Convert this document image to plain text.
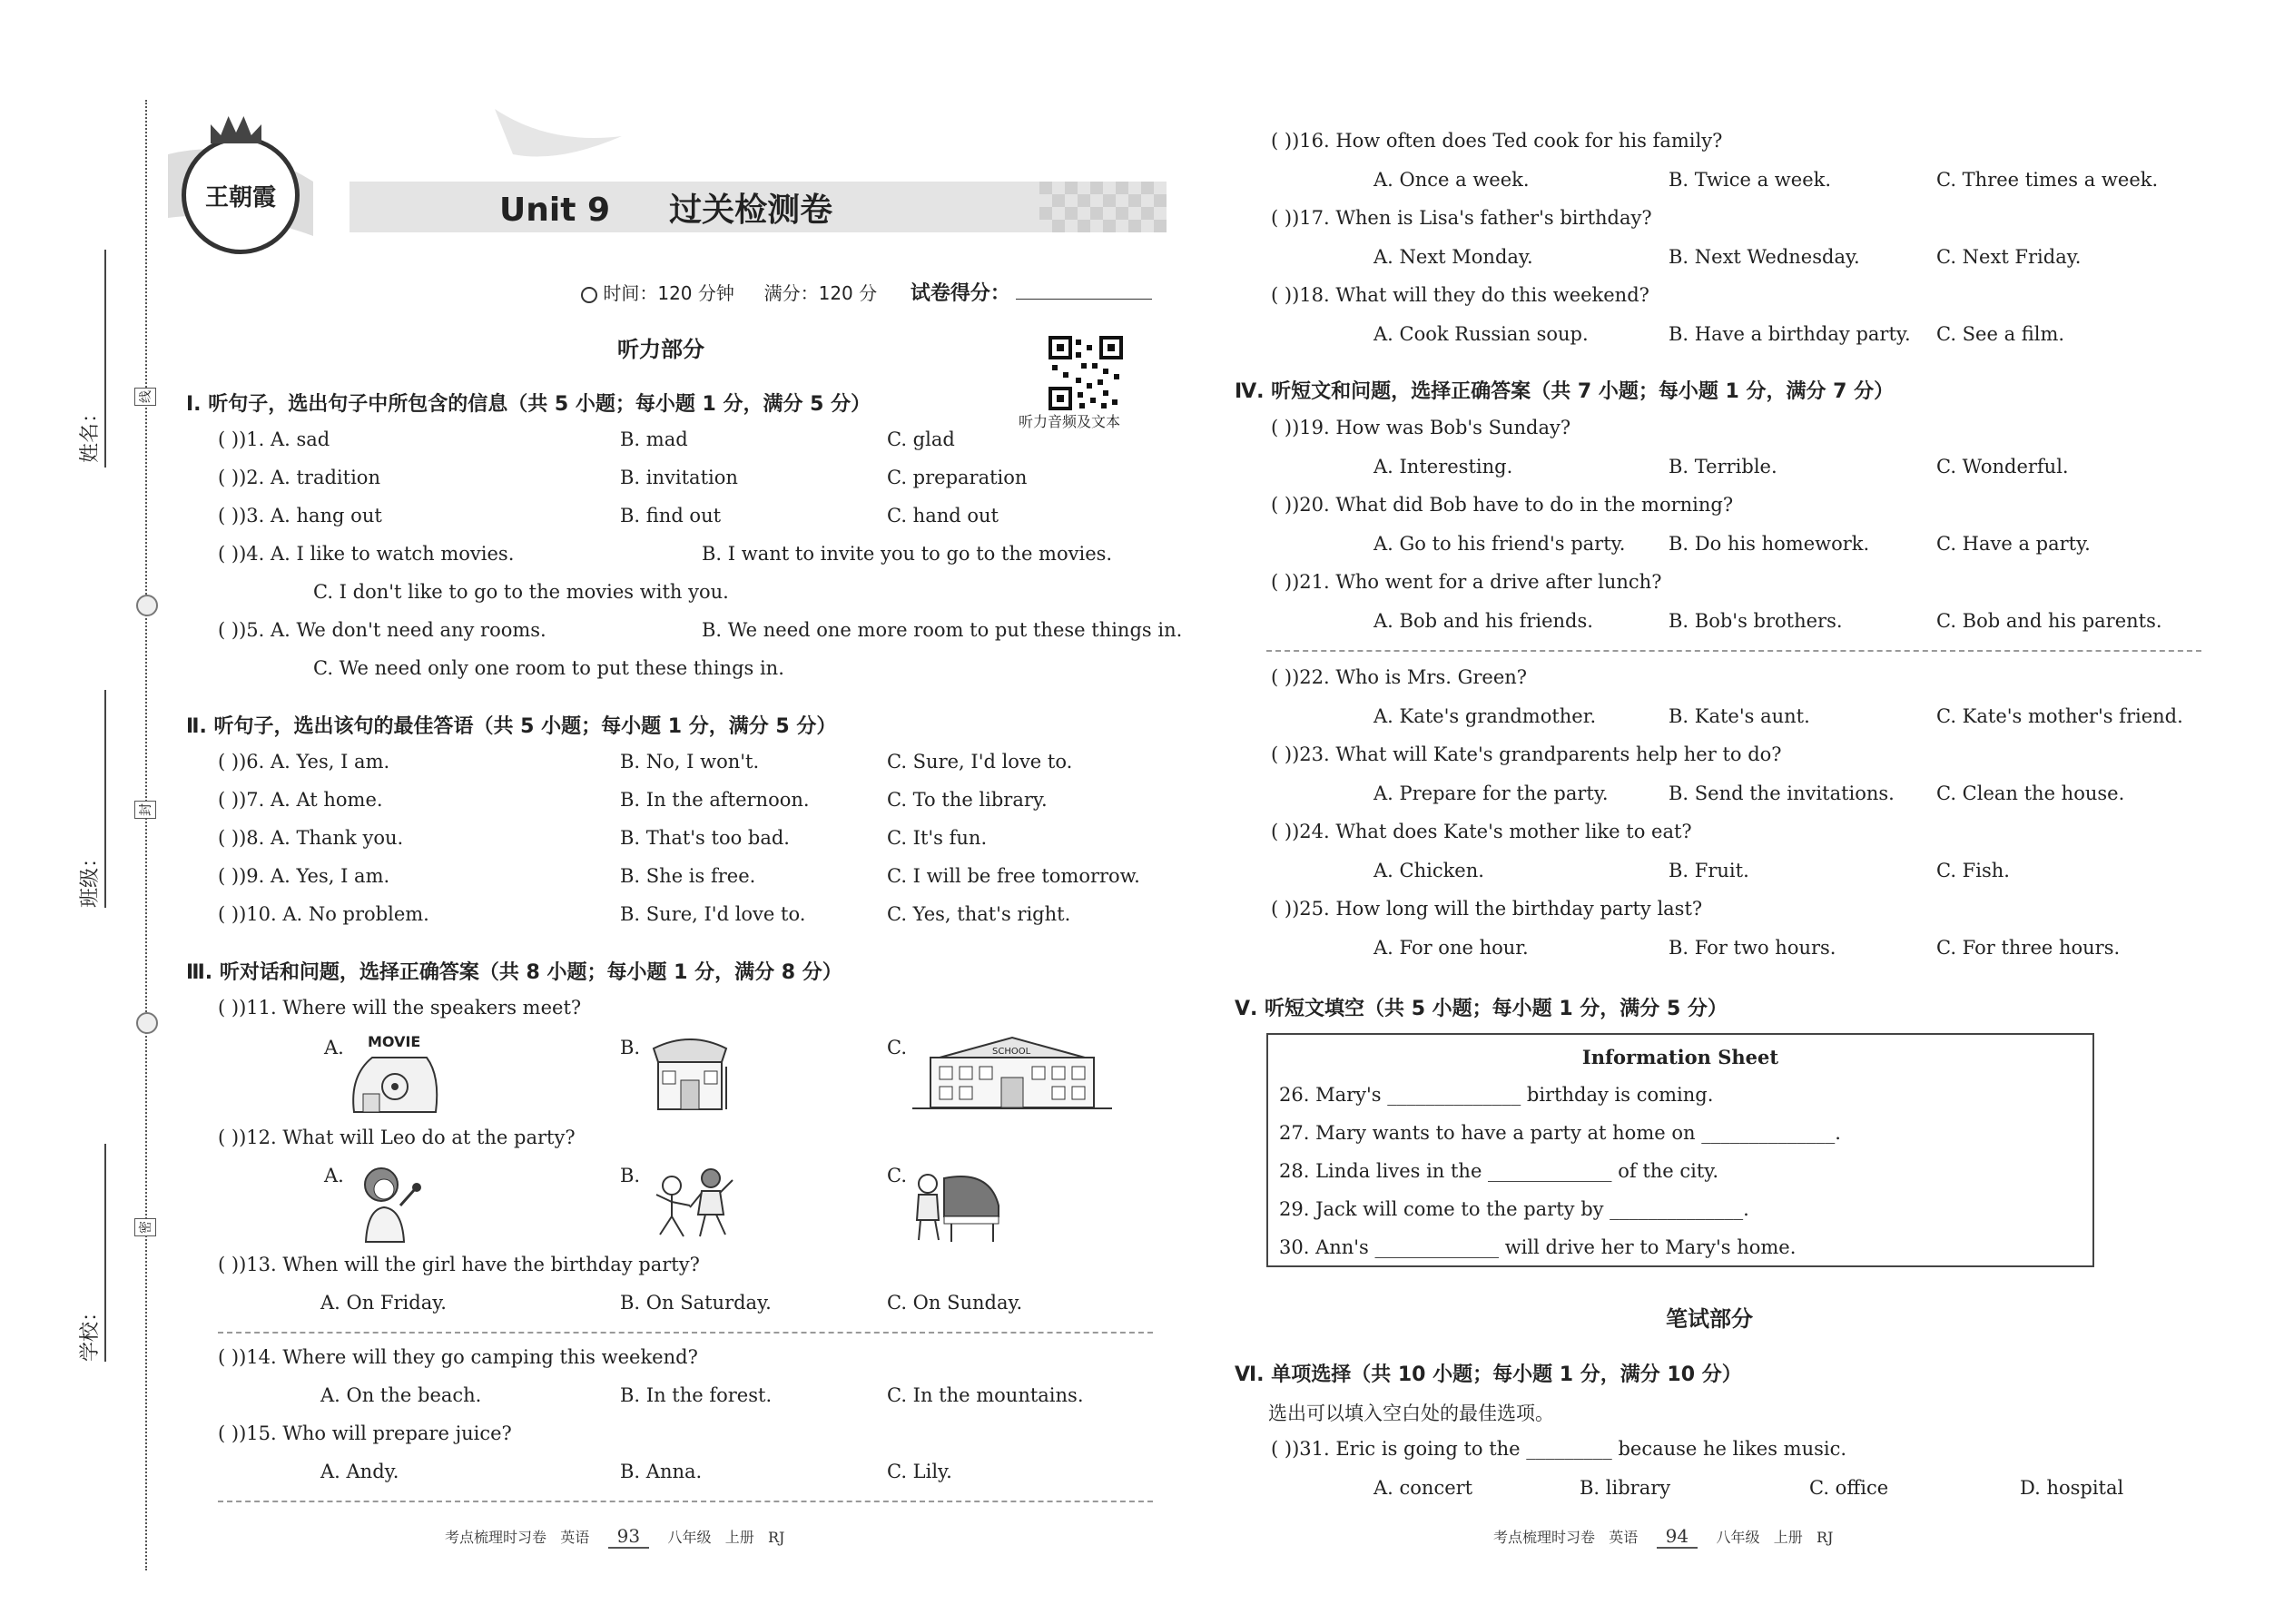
姓名：
班级：
学校：
线
封
密
王朝霞	Unit 9 过关检测卷
时间：120 分钟 满分：120 分 试卷得分：
听力部分
听力音频及文本
Ⅰ. 听句子，选出句子中所包含的信息（共 5 小题；每小题 1 分，满分 5 分）
( ))1. A. sad	B. mad	C. glad
( ))2. A. tradition	B. invitation	C. preparation
( ))3. A. hang out	B. find out	C. hand out
( ))4. A. I like to watch movies.	B. I want to invite you to go to the movies.
C. I don't like to go to the movies with you.
( ))5. A. We don't need any rooms.	B. We need one more room to put these things in.
C. We need only one room to put these things in.
Ⅱ. 听句子，选出该句的最佳答语（共 5 小题；每小题 1 分，满分 5 分）
( ))6. A. Yes, I am.	B. No, I won't.	C. Sure, I'd love to.
( ))7. A. At home.	B. In the afternoon.	C. To the library.
( ))8. A. Thank you.	B. That's too bad.	C. It's fun.
( ))9. A. Yes, I am.	B. She is free.	C. I will be free tomorrow.
( ))10. A. No problem.	B. Sure, I'd love to.	C. Yes, that's right.
Ⅲ. 听对话和问题，选择正确答案（共 8 小题；每小题 1 分，满分 8 分）
( ))11. Where will the speakers meet?
A.	B.	C.
MOVIE
SCHOOL
( ))12. What will Leo do at the party?
A.	B.	C.
( ))13. When will the girl have the birthday party?
A. On Friday.	B. On Saturday.	C. On Sunday.
( ))14. Where will they go camping this weekend?
A. On the beach.	B. In the forest.	C. In the mountains.
( ))15. Who will prepare juice?
A. Andy.	B. Anna.	C. Lily.
考点梳理时习卷 英语 93 八年级 上册 RJ
( ))16. How often does Ted cook for his family?
A. Once a week.	B. Twice a week.	C. Three times a week.
( ))17. When is Lisa's father's birthday?
A. Next Monday.	B. Next Wednesday.	C. Next Friday.
( ))18. What will they do this weekend?
A. Cook Russian soup.	B. Have a birthday party. C. See a film.
Ⅳ. 听短文和问题，选择正确答案（共 7 小题；每小题 1 分，满分 7 分）
( ))19. How was Bob's Sunday?
A. Interesting.	B. Terrible.	C. Wonderful.
( ))20. What did Bob have to do in the morning?
A. Go to his friend's party. B. Do his homework.	C. Have a party.
( ))21. Who went for a drive after lunch?
A. Bob and his friends.	B. Bob's brothers.	C. Bob and his parents.
( ))22. Who is Mrs. Green?
A. Kate's grandmother.	B. Kate's aunt.	C. Kate's mother's friend.
( ))23. What will Kate's grandparents help her to do?
A. Prepare for the party.	B. Send the invitations. C. Clean the house.
( ))24. What does Kate's mother like to eat?
A. Chicken.	B. Fruit.	C. Fish.
( ))25. How long will the birthday party last?
A. For one hour.	B. For two hours.	C. For three hours.
Ⅴ. 听短文填空（共 5 小题；每小题 1 分，满分 5 分）
Information Sheet
26. Mary's ______________ birthday is coming.
27. Mary wants to have a party at home on ______________.
28. Linda lives in the _____________ of the city.
29. Jack will come to the party by ______________.
30. Ann's _____________ will drive her to Mary's home.
笔试部分
Ⅵ. 单项选择（共 10 小题；每小题 1 分，满分 10 分）
选出可以填入空白处的最佳选项。
( ))31. Eric is going to the _________ because he likes music.
A. concert	B. library	C. office	D. hospital
考点梳理时习卷 英语 94 八年级 上册 RJ
